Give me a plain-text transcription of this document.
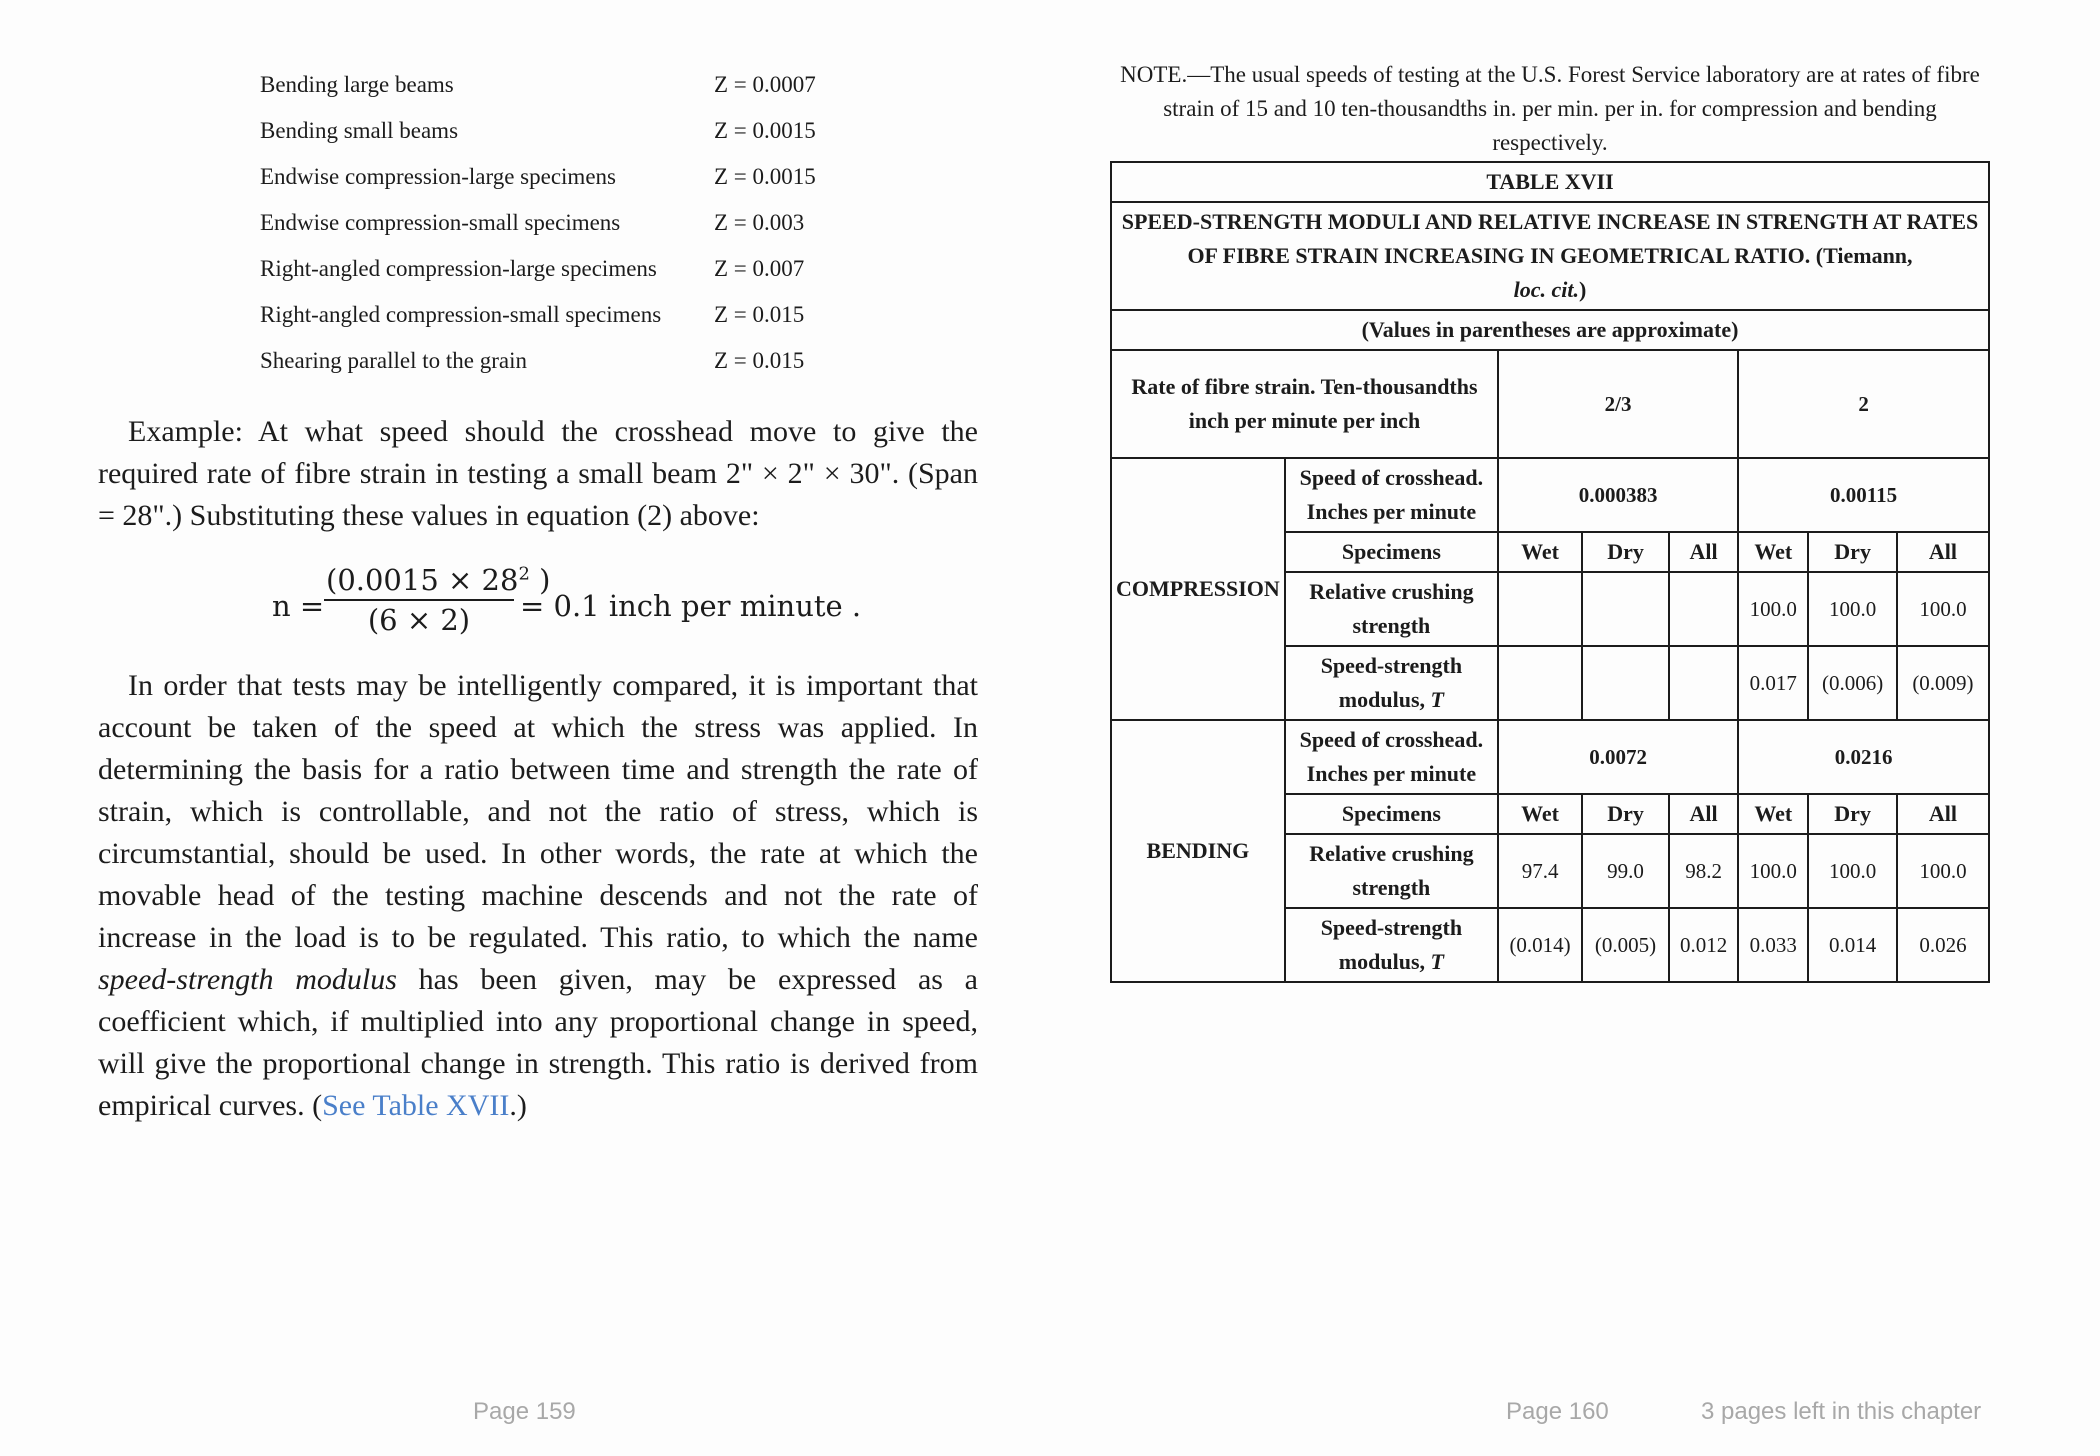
Bending large beams	Z = 0.0007
Bending small beams	Z = 0.0015
Endwise compression-large specimens	Z = 0.0015
Endwise compression-small specimens	Z = 0.003
Right-angled compression-large specimens Z = 0.007
Right-angled compression-small specimens Z = 0.015
Shearing parallel to the grain	Z = 0.015

Example: At what speed should the crosshead move to give the required rate of fibre strain in testing a small beam 2" × 2" × 30". (Span = 28".) Substituting these values in equation (2) above:

$n = \frac{(0.0015 \times 28^2 )}{(6 \times 2)} = 0.1$ inch per minute .

In order that tests may be intelligently compared, it is important that account be taken of the speed at which the stress was applied. In determining the basis for a ratio between time and strength the rate of strain, which is controllable, and not the ratio of stress, which is circumstantial, should be used. In other words, the rate at which the movable head of the testing machine descends and not the rate of increase in the load is to be regulated. This ratio, to which the name speed-strength modulus has been given, may be expressed as a coefficient which, if multiplied into any proportional change in speed, will give the proportional change in strength. This ratio is derived from empirical curves. (See Table XVII.)

Page 159
NOTE.—The usual speeds of testing at the U.S. Forest Service laboratory are at rates of fibre strain of 15 and 10 ten-thousandths in. per min. per in. for compression and bending respectively.
TABLE XVII							
SPEED-STRENGTH MODULI AND RELATIVE INCREASE IN STRENGTH AT RATES OF FIBRE STRAIN INCREASING IN GEOMETRICAL RATIO. (Tiemann,
loc. cit.)							
(Values in parentheses are approximate)							
Rate of fibre strain. Ten-thousandths inch per minute per inch		2/3			2		
COMPRESSION	Speed of crosshead. Inches per minute	0.000383			0.00115		
	Specimens	Wet	Dry	All	Wet	Dry	All
	Relative crushing strength				100.0	100.0	100.0
	Speed-strength modulus, T				0.017	(0.006)	(0.009)
BENDING	Speed of crosshead. Inches per minute	0.0072			0.0216		
	Specimens	Wet	Dry	All	Wet	Dry	All
	Relative crushing strength	97.4	99.0	98.2	100.0	100.0	100.0
	Speed-strength modulus, T	(0.014)	(0.005)	0.012	0.033	0.014	0.026
Page 160	3 pages left in this chapter
